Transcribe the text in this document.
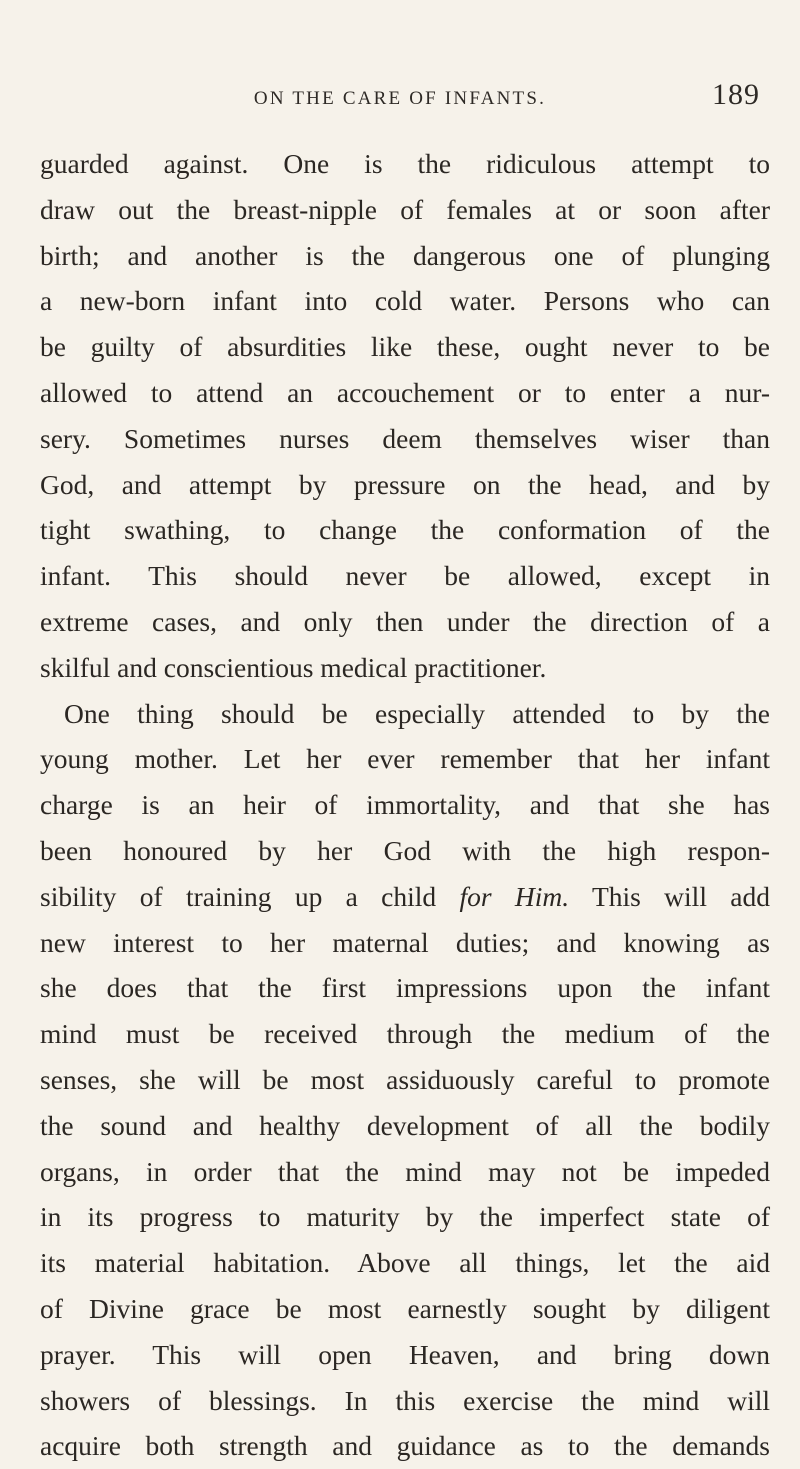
ON THE CARE OF INFANTS.	189
guarded against. One is the ridiculous attempt to
draw out the breast-nipple of females at or soon after
birth; and another is the dangerous one of plunging
a new-born infant into cold water. Persons who can
be guilty of absurdities like these, ought never to be
allowed to attend an accouchement or to enter a nur-
sery. Sometimes nurses deem themselves wiser than
God, and attempt by pressure on the head, and by
tight swathing, to change the conformation of the
infant. This should never be allowed, except in
extreme cases, and only then under the direction of a
skilful and conscientious medical practitioner.
One thing should be especially attended to by the
young mother. Let her ever remember that her infant
charge is an heir of immortality, and that she has
been honoured by her God with the high respon-
sibility of training up a child for Him. This will add
new interest to her maternal duties; and knowing as
she does that the first impressions upon the infant
mind must be received through the medium of the
senses, she will be most assiduously careful to promote
the sound and healthy development of all the bodily
organs, in order that the mind may not be impeded
in its progress to maturity by the imperfect state of
its material habitation. Above all things, let the aid
of Divine grace be most earnestly sought by diligent
prayer. This will open Heaven, and bring down
showers of blessings. In this exercise the mind will
acquire both strength and guidance as to the demands
